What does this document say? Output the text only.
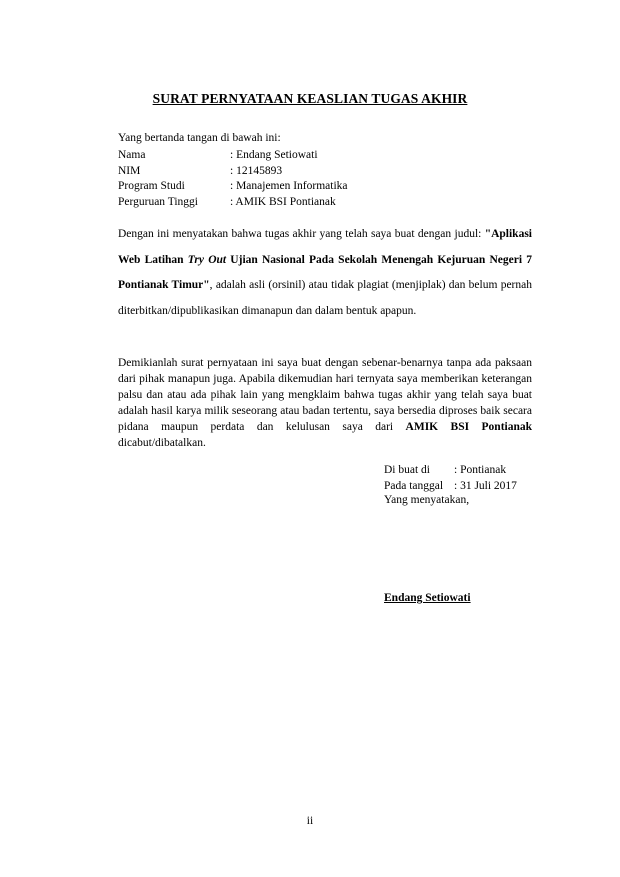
SURAT PERNYATAAN KEASLIAN TUGAS AKHIR
Yang bertanda tangan di bawah ini:
Nama	: Endang Setiowati
NIM	: 12145893
Program Studi	: Manajemen Informatika
Perguruan Tinggi	: AMIK BSI Pontianak
Dengan ini menyatakan bahwa tugas akhir yang telah saya buat dengan judul: "Aplikasi Web Latihan Try Out Ujian Nasional Pada Sekolah Menengah Kejuruan Negeri 7 Pontianak Timur", adalah asli (orsinil) atau tidak plagiat (menjiplak) dan belum pernah diterbitkan/dipublikasikan dimanapun dan dalam bentuk apapun.
Demikianlah surat pernyataan ini saya buat dengan sebenar-benarnya tanpa ada paksaan dari pihak manapun juga. Apabila dikemudian hari ternyata saya memberikan keterangan palsu dan atau ada pihak lain yang mengklaim bahwa tugas akhir yang telah saya buat adalah hasil karya milik seseorang atau badan tertentu, saya bersedia diproses baik secara pidana maupun perdata dan kelulusan saya dari AMIK BSI Pontianak dicabut/dibatalkan.
Di buat di	: Pontianak
Pada tanggal	: 31 Juli 2017
Yang menyatakan,
Endang Setiowati
ii
